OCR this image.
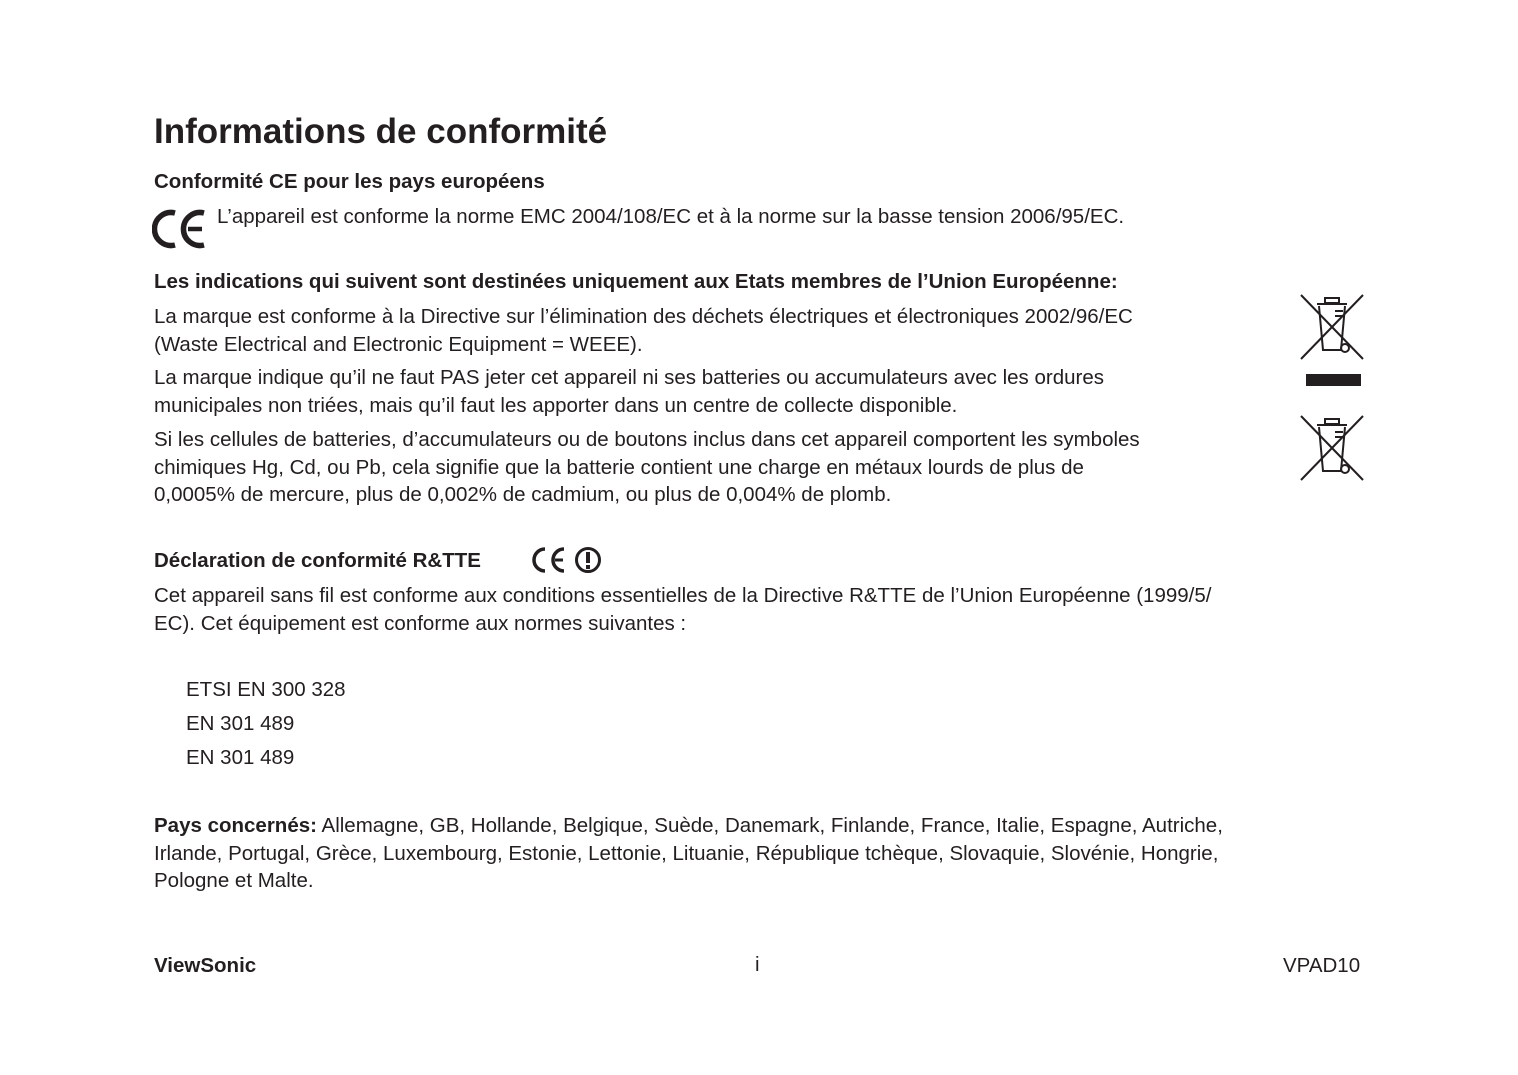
Informations de conformité
Conformité CE pour les pays européens
L’appareil est conforme la norme EMC 2004/108/EC et à la norme sur la basse tension 2006/95/EC.
Les indications qui suivent sont destinées uniquement aux Etats membres de l’Union Européenne:
La marque est conforme à la Directive sur l’élimination des déchets électriques et électroniques 2002/96/EC
(Waste Electrical and Electronic Equipment = WEEE).
La marque indique qu’il ne faut PAS jeter cet appareil ni ses batteries ou accumulateurs avec les ordures
municipales non triées, mais qu’il faut les apporter dans un centre de collecte disponible.
Si les cellules de batteries, d’accumulateurs ou de boutons inclus dans cet appareil comportent les symboles
chimiques Hg, Cd, ou Pb, cela signifie que la batterie contient une charge en métaux lourds de plus de
0,0005% de mercure, plus de 0,002% de cadmium, ou plus de 0,004% de plomb.
Déclaration de conformité R&TTE
Cet appareil sans fil est conforme aux conditions essentielles de la Directive R&TTE de l’Union Européenne (1999/5/
EC). Cet équipement est conforme aux normes suivantes :
ETSI EN 300 328
EN 301 489
EN 301 489
Pays concernés: Allemagne, GB, Hollande, Belgique, Suède, Danemark, Finlande, France, Italie, Espagne, Autriche,
Irlande, Portugal, Grèce, Luxembourg, Estonie, Lettonie, Lituanie, République tchèque, Slovaquie, Slovénie, Hongrie,
Pologne et Malte.
ViewSonic	i	VPAD10
